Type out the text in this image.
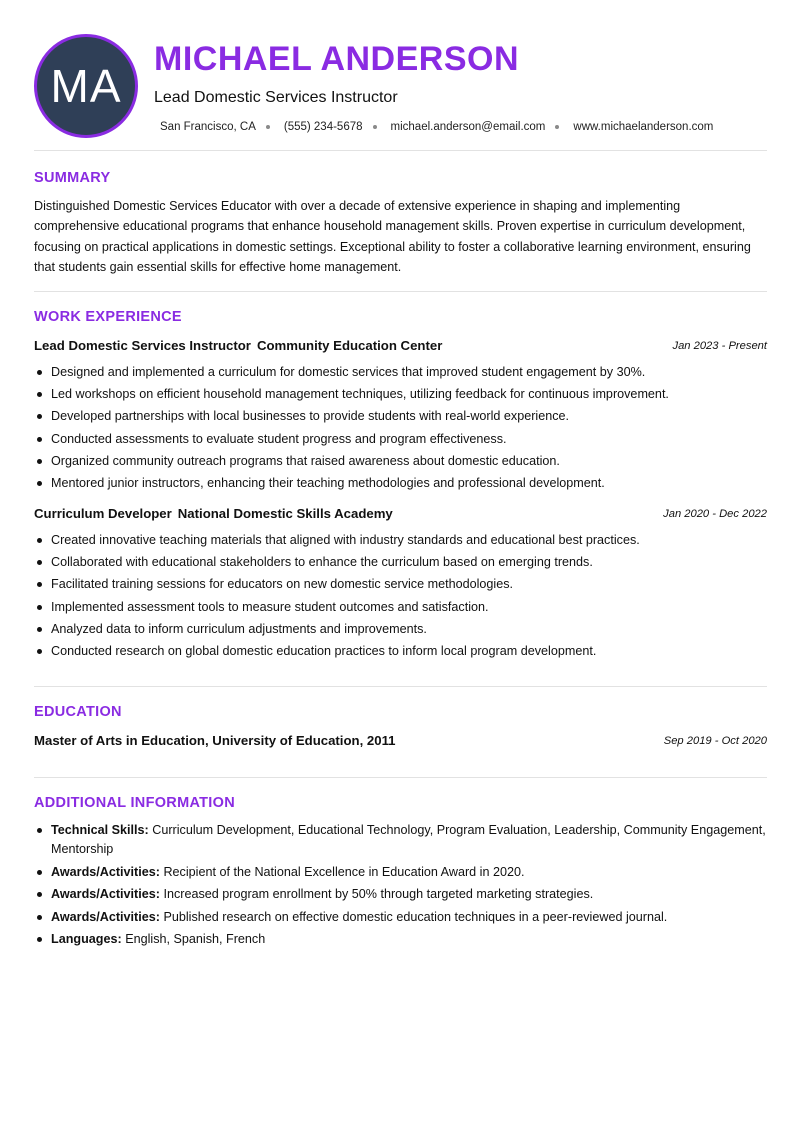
MA
MICHAEL ANDERSON
Lead Domestic Services Instructor
San Francisco, CA (555) 234-5678 michael.anderson@email.com www.michaelanderson.com
SUMMARY

Distinguished Domestic Services Educator with over a decade of extensive experience in shaping and implementing comprehensive educational programs that enhance household management skills. Proven expertise in curriculum development, focusing on practical applications in domestic settings. Exceptional ability to foster a collaborative learning environment, ensuring that students gain essential skills for effective home management.

WORK EXPERIENCE
Lead Domestic Services Instructor Community Education Center	Jan 2023 - Present
Designed and implemented a curriculum for domestic services that improved student engagement by 30%.
Led workshops on efficient household management techniques, utilizing feedback for continuous improvement.
Developed partnerships with local businesses to provide students with real-world experience.
Conducted assessments to evaluate student progress and program effectiveness.
Organized community outreach programs that raised awareness about domestic education.
Mentored junior instructors, enhancing their teaching methodologies and professional development.
Curriculum Developer National Domestic Skills Academy	Jan 2020 - Dec 2022
Created innovative teaching materials that aligned with industry standards and educational best practices.
Collaborated with educational stakeholders to enhance the curriculum based on emerging trends.
Facilitated training sessions for educators on new domestic service methodologies.
Implemented assessment tools to measure student outcomes and satisfaction.
Analyzed data to inform curriculum adjustments and improvements.
Conducted research on global domestic education practices to inform local program development.
EDUCATION
Master of Arts in Education, University of Education, 2011	Sep 2019 - Oct 2020
ADDITIONAL INFORMATION
Technical Skills: Curriculum Development, Educational Technology, Program Evaluation, Leadership, Community Engagement, Mentorship
Awards/Activities: Recipient of the National Excellence in Education Award in 2020.
Awards/Activities: Increased program enrollment by 50% through targeted marketing strategies.
Awards/Activities: Published research on effective domestic education techniques in a peer-reviewed journal.
Languages: English, Spanish, French
